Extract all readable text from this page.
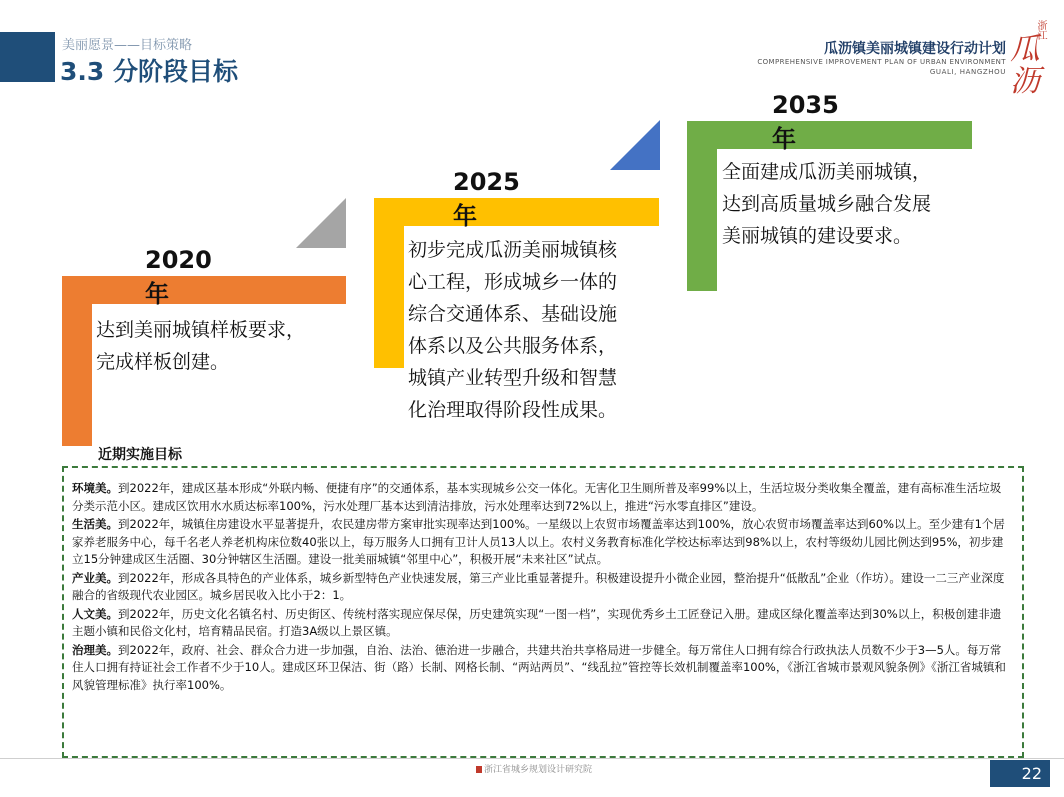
美丽愿景——目标策略
3.3 分阶段目标
瓜沥镇美丽城镇建设行动计划
COMPREHENSIVE IMPROVEMENT PLAN OF URBAN ENVIRONMENT
GUALI, HANGZHOU
浙江
瓜沥
2020年
达到美丽城镇样板要求，
完成样板创建。
2025年
初步完成瓜沥美丽城镇核
心工程，形成城乡一体的
综合交通体系、基础设施
体系以及公共服务体系，
城镇产业转型升级和智慧
化治理取得阶段性成果。
2035年
全面建成瓜沥美丽城镇，
达到高质量城乡融合发展
美丽城镇的建设要求。
近期实施目标
环境美。到2022年，建成区基本形成“外联内畅、便捷有序”的交通体系，基本实现城乡公交一体化。无害化卫生厕所普及率99%以上，生活垃圾分类收集全覆盖，建有高标准生活垃圾分类示范小区。建成区饮用水水质达标率100%，污水处理厂基本达到清洁排放，污水处理率达到72%以上，推进“污水零直排区”建设。
生活美。到2022年，城镇住房建设水平显著提升，农民建房带方案审批实现率达到100%。一星级以上农贸市场覆盖率达到100%，放心农贸市场覆盖率达到60%以上。至少建有1个居家养老服务中心，每千名老人养老机构床位数40张以上，每万服务人口拥有卫计人员13人以上。农村义务教育标准化学校达标率达到98%以上，农村等级幼儿园比例达到95%，初步建立15分钟建成区生活圈、30分钟辖区生活圈。建设一批美丽城镇“邻里中心”，积极开展“未来社区”试点。
产业美。到2022年，形成各具特色的产业体系，城乡新型特色产业快速发展，第三产业比重显著提升。积极建设提升小微企业园，整治提升“低散乱”企业（作坊）。建设一二三产业深度融合的省级现代农业园区。城乡居民收入比小于2：1。
人文美。到2022年，历史文化名镇名村、历史街区、传统村落实现应保尽保，历史建筑实现“一图一档”，实现优秀乡土工匠登记入册。建成区绿化覆盖率达到30%以上，积极创建非遗主题小镇和民俗文化村，培育精品民宿。打造3A级以上景区镇。
治理美。到2022年，政府、社会、群众合力进一步加强，自治、法治、德治进一步融合，共建共治共享格局进一步健全。每万常住人口拥有综合行政执法人员数不少于3—5人。每万常住人口拥有持证社会工作者不少于10人。建成区环卫保洁、街（路）长制、网格长制、“两站两员”、“线乱拉”管控等长效机制覆盖率100%，《浙江省城市景观风貌条例》《浙江省城镇和风貌管理标准》执行率100%。
浙江省城乡规划设计研究院	22
